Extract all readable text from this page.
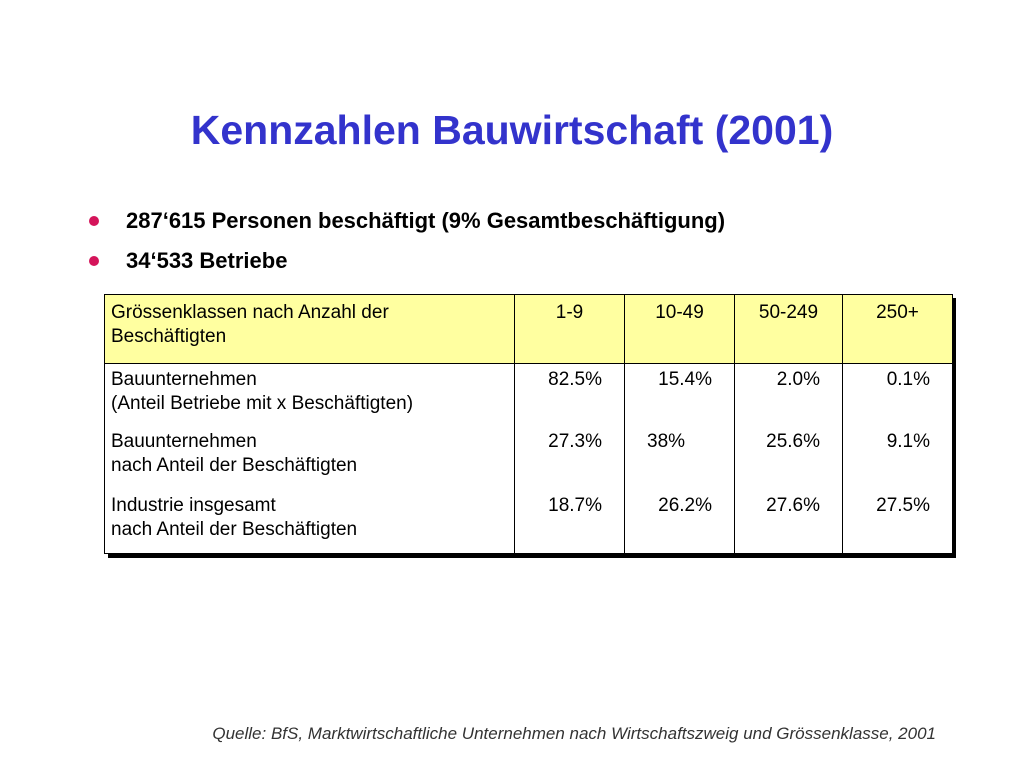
Kennzahlen Bauwirtschaft (2001)
287‘615 Personen beschäftigt (9% Gesamtbeschäftigung)
34‘533 Betriebe
Grössenklassen nach Anzahl der
Beschäftigten	1-9	10-49	50-249	250+

Bauunternehmen
(Anteil Betriebe mit x Beschäftigten)	82.5%	15.4%	2.0%	0.1%

Bauunternehmen
nach Anteil der Beschäftigten	27.3%	38%	25.6%	9.1%

Industrie insgesamt
nach Anteil der Beschäftigten	18.7%	26.2%	27.6%	27.5%
Quelle: BfS, Marktwirtschaftliche Unternehmen nach Wirtschaftszweig und Grössenklasse, 2001
